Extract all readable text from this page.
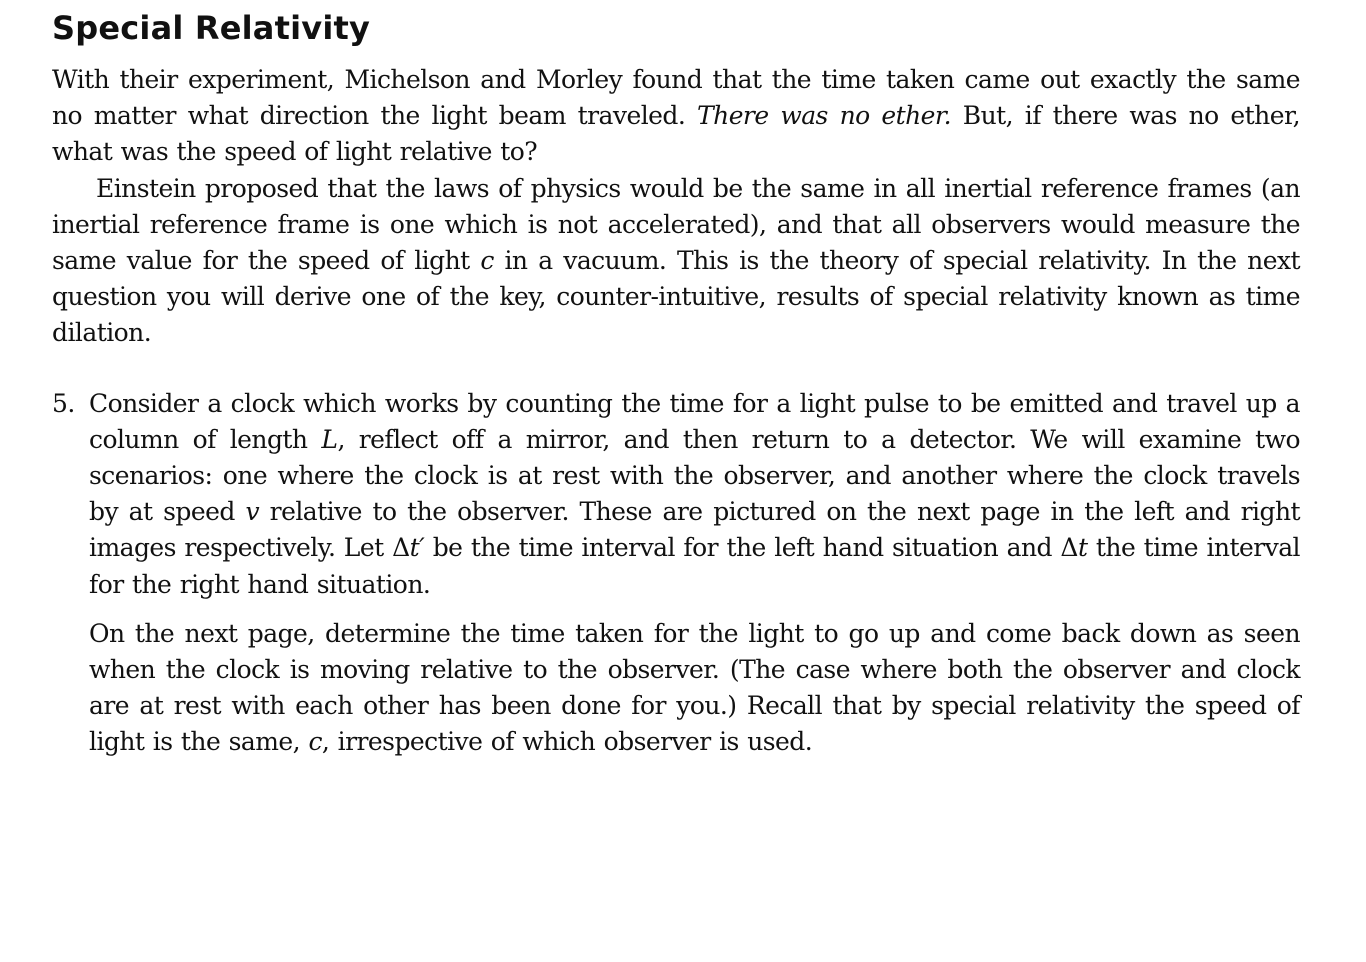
Special Relativity

With their experiment, Michelson and Morley found that the time taken came out exactly the same no matter what direction the light beam traveled. There was no ether. But, if there was no ether, what was the speed of light relative to?

Einstein proposed that the laws of physics would be the same in all inertial reference frames (an inertial reference frame is one which is not accelerated), and that all observers would measure the same value for the speed of light c in a vacuum. This is the theory of special relativity. In the next question you will derive one of the key, counter-intuitive, results of special relativity known as time dilation.

5. Consider a clock which works by counting the time for a light pulse to be emitted and travel up a column of length L, reflect off a mirror, and then return to a detector. We will examine two scenarios: one where the clock is at rest with the observer, and another where the clock travels by at speed v relative to the observer. These are pictured on the next page in the left and right images respectively. Let Δt′ be the time interval for the left hand situation and Δt the time interval for the right hand situation.

On the next page, determine the time taken for the light to go up and come back down as seen when the clock is moving relative to the observer. (The case where both the observer and clock are at rest with each other has been done for you.) Recall that by special relativity the speed of light is the same, c, irrespective of which observer is used.
